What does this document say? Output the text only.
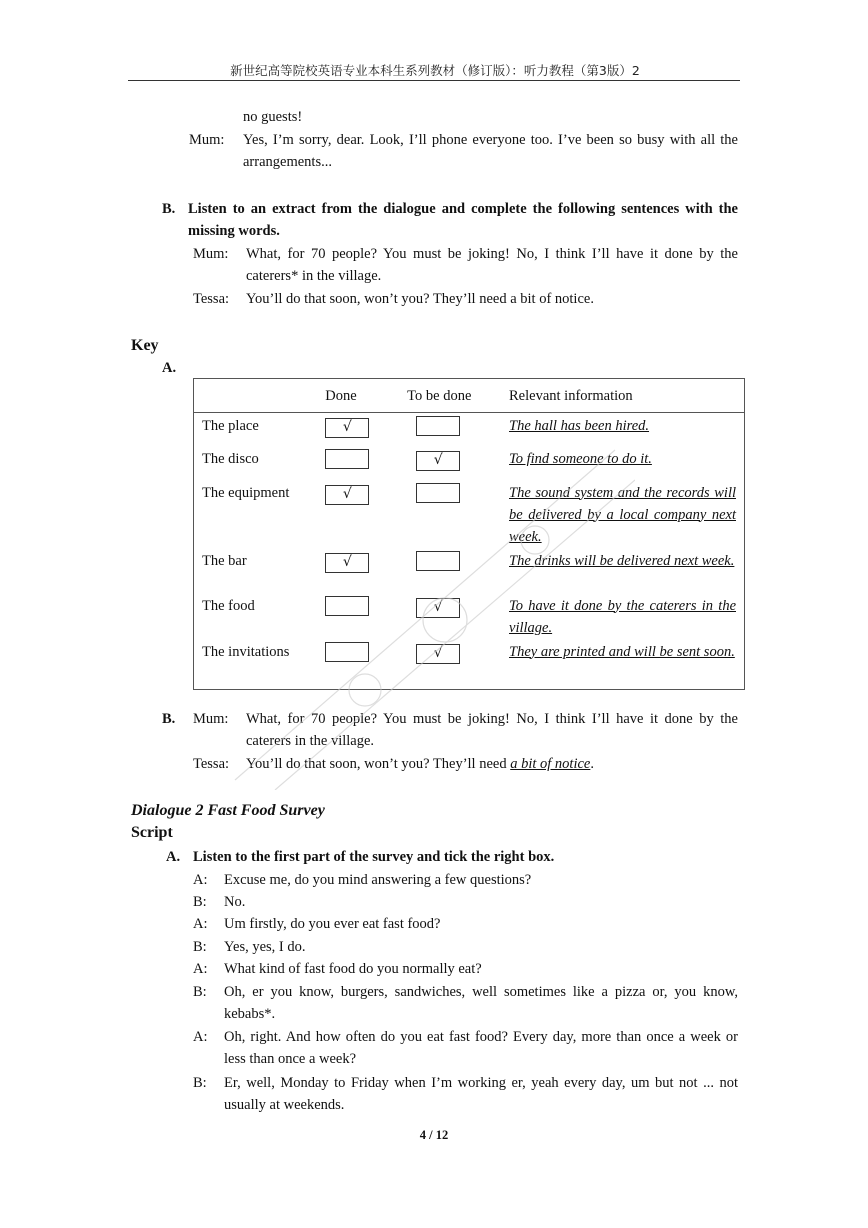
新世纪高等院校英语专业本科生系列教材（修订版）：听力教程（第3版）2
no guests!
Mum: Yes, I’m sorry, dear. Look, I’ll phone everyone too. I’ve been so busy with all the arrangements...
B. Listen to an extract from the dialogue and complete the following sentences with the missing words.
Mum: What, for 70 people? You must be joking! No, I think I’ll have it done by the caterers* in the village.
Tessa: You’ll do that soon, won’t you? They’ll need a bit of notice.
Key
A.
	Done	To be done	Relevant information
The place	√		The hall has been hired.
The disco		√	To find someone to do it.
The equipment	√		The sound system and the records will be delivered by a local company next week.
The bar	√		The drinks will be delivered next week.
The food		√	To have it done by the caterers in the village.
The invitations		√	They are printed and will be sent soon.
B. Mum: What, for 70 people? You must be joking! No, I think I’ll have it done by the caterers in the village.
Tessa: You’ll do that soon, won’t you? They’ll need a bit of notice.
Dialogue 2 Fast Food Survey
Script
A. Listen to the first part of the survey and tick the right box.
A: Excuse me, do you mind answering a few questions?
B: No.
A: Um firstly, do you ever eat fast food?
B: Yes, yes, I do.
A: What kind of fast food do you normally eat?
B: Oh, er you know, burgers, sandwiches, well sometimes like a pizza or, you know, kebabs*.
A: Oh, right. And how often do you eat fast food? Every day, more than once a week or less than once a week?
B: Er, well, Monday to Friday when I’m working er, yeah every day, um but not ... not usually at weekends.
4 / 12
